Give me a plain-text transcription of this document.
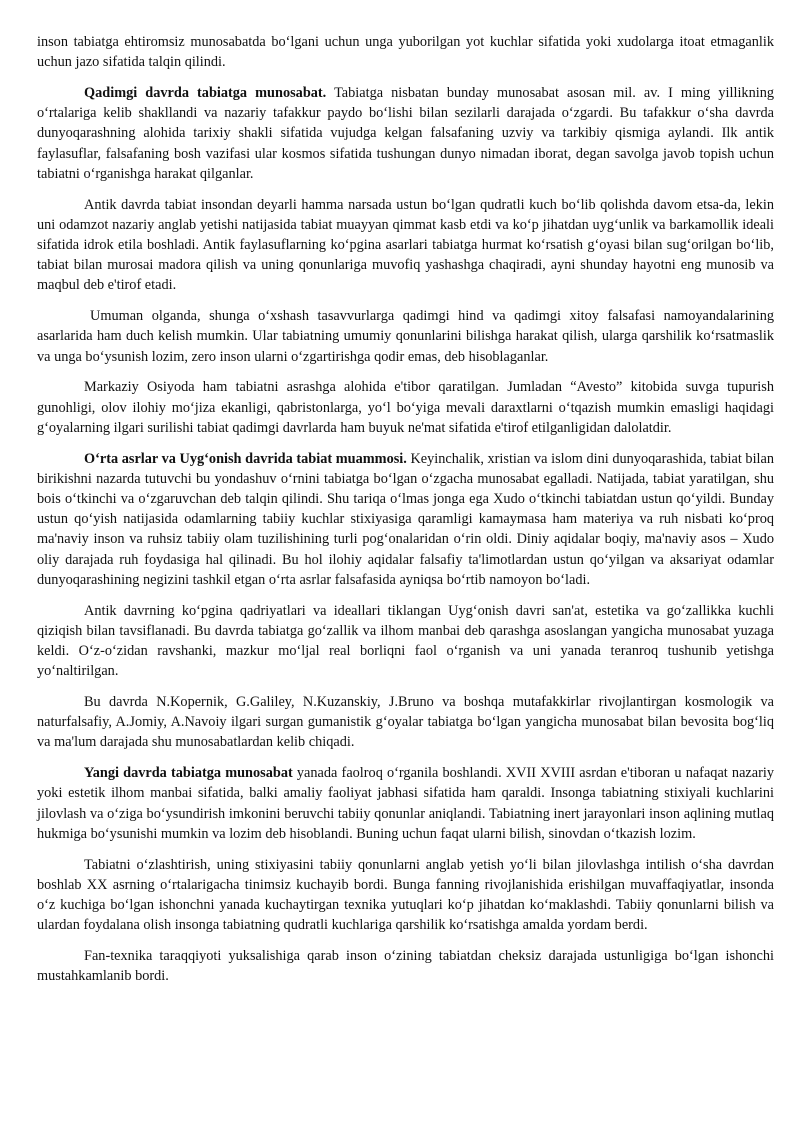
inson tabiatga ehtiromsiz munosabatda bo‘lgani uchun unga yuborilgan yot kuchlar sifatida yoki xudolarga itoat etmaganlik uchun jazo sifatida talqin qilindi.

Qadimgi davrda tabiatga munosabat. Tabiatga nisbatan bunday munosabat asosan mil. av. I ming yillikning o‘rtalariga kelib shakllandi va nazariy tafakkur paydo bo‘lishi bilan sezilarli darajada o‘zgardi. Bu tafakkur o‘sha davrda dunyoqarashning alohida tarixiy shakli sifatida vujudga kelgan falsafaning uzviy va tarkibiy qismiga aylandi. Ilk antik faylasuflar, falsafaning bosh vazifasi ular kosmos sifatida tushungan dunyo nimadan iborat, degan savolga javob topish uchun tabiatni o‘rganishga harakat qilganlar.

Antik davrda tabiat insondan deyarli hamma narsada ustun bo‘lgan qudratli kuch bo‘lib qolishda davom etsa-da, lekin uni odamzot nazariy anglab yetishi natijasida tabiat muayyan qimmat kasb etdi va ko‘p jihatdan uyg‘unlik va barkamollik ideali sifatida idrok etila boshladi. Antik faylasuflarning ko‘pgina asarlari tabiatga hurmat ko‘rsatish g‘oyasi bilan sug‘orilgan bo‘lib, tabiat bilan murosai madora qilish va uning qonunlariga muvofiq yashashga chaqiradi, ayni shunday hayotni eng munosib va maqbul deb e'tirof etadi.

Umuman olganda, shunga o‘xshash tasavvurlarga qadimgi hind va qadimgi xitoy falsafasi namoyandalarining asarlarida ham duch kelish mumkin. Ular tabiatning umumiy qonunlarini bilishga harakat qilish, ularga qarshilik ko‘rsatmaslik va unga bo‘ysunish lozim, zero inson ularni o‘zgartirishga qodir emas, deb hisoblaganlar.

Markaziy Osiyoda ham tabiatni asrashga alohida e'tibor qaratilgan. Jumladan “Avesto” kitobida suvga tupurish gunohligi, olov ilohiy mo‘jiza ekanligi, qabristonlarga, yo‘l bo‘yiga mevali daraxtlarni o‘tqazish mumkin emasligi haqidagi g‘oyalarning ilgari surilishi tabiat qadimgi davrlarda ham buyuk ne'mat sifatida e'tirof etilganligidan dalolatdir.

O‘rta asrlar va Uyg‘onish davrida tabiat muammosi. Keyinchalik, xristian va islom dini dunyoqarashida, tabiat bilan birikishni nazarda tutuvchi bu yondashuv o‘rnini tabiatga bo‘lgan o‘zgacha munosabat egalladi. Natijada, tabiat yaratilgan, shu bois o‘tkinchi va o‘zgaruvchan deb talqin qilindi. Shu tariqa o‘lmas jonga ega Xudo o‘tkinchi tabiatdan ustun qo‘yildi. Bunday ustun qo‘yish natijasida odamlarning tabiiy kuchlar stixiyasiga qaramligi kamaymasa ham materiya va ruh nisbati ko‘proq ma'naviy inson va ruhsiz tabiiy olam tuzilishining turli pog‘onalaridan o‘rin oldi. Diniy aqidalar boqiy, ma'naviy asos – Xudo oliy darajada ruh foydasiga hal qilinadi. Bu hol ilohiy aqidalar falsafiy ta'limotlardan ustun qo‘yilgan va aksariyat odamlar dunyoqarashining negizini tashkil etgan o‘rta asrlar falsafasida ayniqsa bo‘rtib namoyon bo‘ladi.

Antik davrning ko‘pgina qadriyatlari va ideallari tiklangan Uyg‘onish davri san'at, estetika va go‘zallikka kuchli qiziqish bilan tavsiflanadi. Bu davrda tabiatga go‘zallik va ilhom manbai deb qarashga asoslangan yangicha munosabat yuzaga keldi. O‘z-o‘zidan ravshanki, mazkur mo‘ljal real borliqni faol o‘rganish va uni yanada teranroq tushunib yetishga yo‘naltirilgan.

Bu davrda N.Kopernik, G.Galiley, N.Kuzanskiy, J.Bruno va boshqa mutafakkirlar rivojlantirgan kosmologik va naturfalsafiy, A.Jomiy, A.Navoiy ilgari surgan gumanistik g‘oyalar tabiatga bo‘lgan yangicha munosabat bilan bevosita bog‘liq va ma'lum darajada shu munosabatlardan kelib chiqadi.

Yangi davrda tabiatga munosabat yanada faolroq o‘rganila boshlandi. XVII XVIII asrdan e'tiboran u nafaqat nazariy yoki estetik ilhom manbai sifatida, balki amaliy faoliyat jabhasi sifatida ham qaraldi. Insonga tabiatning stixiyali kuchlarini jilovlash va o‘ziga bo‘ysundirish imkonini beruvchi tabiiy qonunlar aniqlandi. Tabiatning inert jarayonlari inson aqlining mutlaq hukmiga bo‘ysunishi mumkin va lozim deb hisoblandi. Buning uchun faqat ularni bilish, sinovdan o‘tkazish lozim.

Tabiatni o‘zlashtirish, uning stixiyasini tabiiy qonunlarni anglab yetish yo‘li bilan jilovlashga intilish o‘sha davrdan boshlab XX asrning o‘rtalarigacha tinimsiz kuchayib bordi. Bunga fanning rivojlanishida erishilgan muvaffaqiyatlar, insonda o‘z kuchiga bo‘lgan ishonchni yanada kuchaytirgan texnika yutuqlari ko‘p jihatdan ko‘maklashdi. Tabiiy qonunlarni bilish va ulardan foydalana olish insonga tabiatning qudratli kuchlariga qarshilik ko‘rsatishga amalda yordam berdi.

Fan-texnika taraqqiyoti yuksalishiga qarab inson o‘zining tabiatdan cheksiz darajada ustunligiga bo‘lgan ishonchi mustahkamlanib bordi.
